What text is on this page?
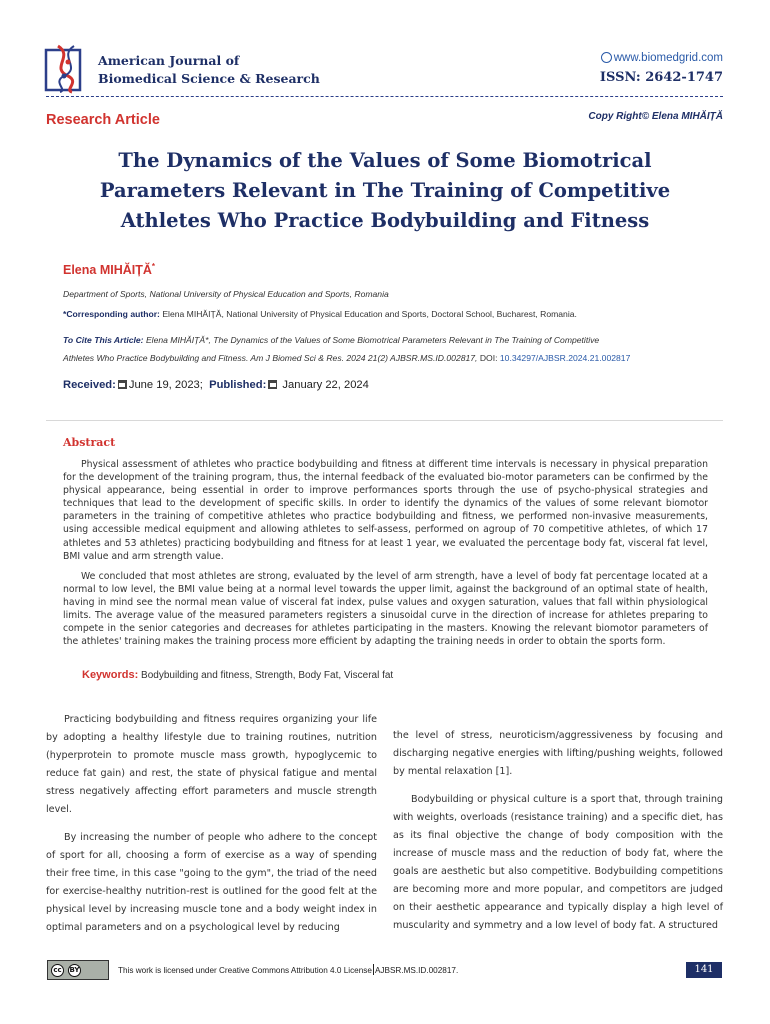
American Journal of
Biomedical Science & Research
www.biomedgrid.com
ISSN: 2642-1747
Research Article	Copy Right© Elena MIHĂIȚĂ
The Dynamics of the Values of Some Biomotrical Parameters Relevant in The Training of Competitive Athletes Who Practice Bodybuilding and Fitness
Elena MIHĂIȚĂ*
Department of Sports, National University of Physical Education and Sports, Romania
*Corresponding author: Elena MIHĂIȚĂ, National University of Physical Education and Sports, Doctoral School, Bucharest, Romania.
To Cite This Article: Elena MIHĂIȚĂ*, The Dynamics of the Values of Some Biomotrical Parameters Relevant in The Training of Competitive
Athletes Who Practice Bodybuilding and Fitness. Am J Biomed Sci & Res. 2024 21(2) AJBSR.MS.ID.002817, DOI: 10.34297/AJBSR.2024.21.002817
Received: June 19, 2023; Published: January 22, 2024
Abstract

Physical assessment of athletes who practice bodybuilding and fitness at different time intervals is necessary in physical preparation for the development of the training program, thus, the internal feedback of the evaluated bio-motor parameters can be confirmed by the physical appearance, being essential in order to improve performances sports through the use of psycho-physical strategies and techniques that lead to the development of specific skills. In order to identify the dynamics of the values of some relevant biomotor parameters in the training of competitive athletes who practice bodybuilding and fitness, we performed non-invasive measurements, using accessible medical equipment and allowing athletes to self-assess, performed on agroup of 70 competitive athletes, of which 17 athletes and 53 athletes) practicing bodybuilding and fitness for at least 1 year, we evaluated the percentage body fat, visceral fat level, BMI value and arm strength value.

We concluded that most athletes are strong, evaluated by the level of arm strength, have a level of body fat percentage located at a normal to low level, the BMI value being at a normal level towards the upper limit, against the background of an optimal state of health, having in mind see the normal mean value of visceral fat index, pulse values and oxygen saturation, values that fall within physiological limits. The average value of the measured parameters registers a sinusoidal curve in the direction of increase for athletes preparing to compete in the senior categories and decreases for athletes participating in the masters. Knowing the relevant biomotor parameters of the athletes' training makes the training process more efficient by adapting the training needs in order to obtain the sports form.

Keywords: Bodybuilding and fitness, Strength, Body Fat, Visceral fat

Practicing bodybuilding and fitness requires organizing your life by adopting a healthy lifestyle due to training routines, nutrition (hyperprotein to promote muscle mass growth, hypoglycemic to reduce fat gain) and rest, the state of physical fatigue and mental stress negatively affecting effort parameters and muscle strength level.

By increasing the number of people who adhere to the concept of sport for all, choosing a form of exercise as a way of spending their free time, in this case "going to the gym", the triad of the need for exercise-healthy nutrition-rest is outlined for the good felt at the physical level by increasing muscle tone and a body weight index in optimal parameters and on a psychological level by reducing

the level of stress, neuroticism/aggressiveness by focusing and discharging negative energies with lifting/pushing weights, followed by mental relaxation [1].

Bodybuilding or physical culture is a sport that, through training with weights, overloads (resistance training) and a specific diet, has as its final objective the change of body composition with the increase of muscle mass and the reduction of body fat, where the goals are aesthetic but also competitive. Bodybuilding competitions are becoming more and more popular, and competitors are judged on their aesthetic appearance and typically display a high level of muscularity and symmetry and a low level of body fat. A structured

cc	BY	This work is licensed under Creative Commons Attribution 4.0 License AJBSR.MS.ID.002817.	141
